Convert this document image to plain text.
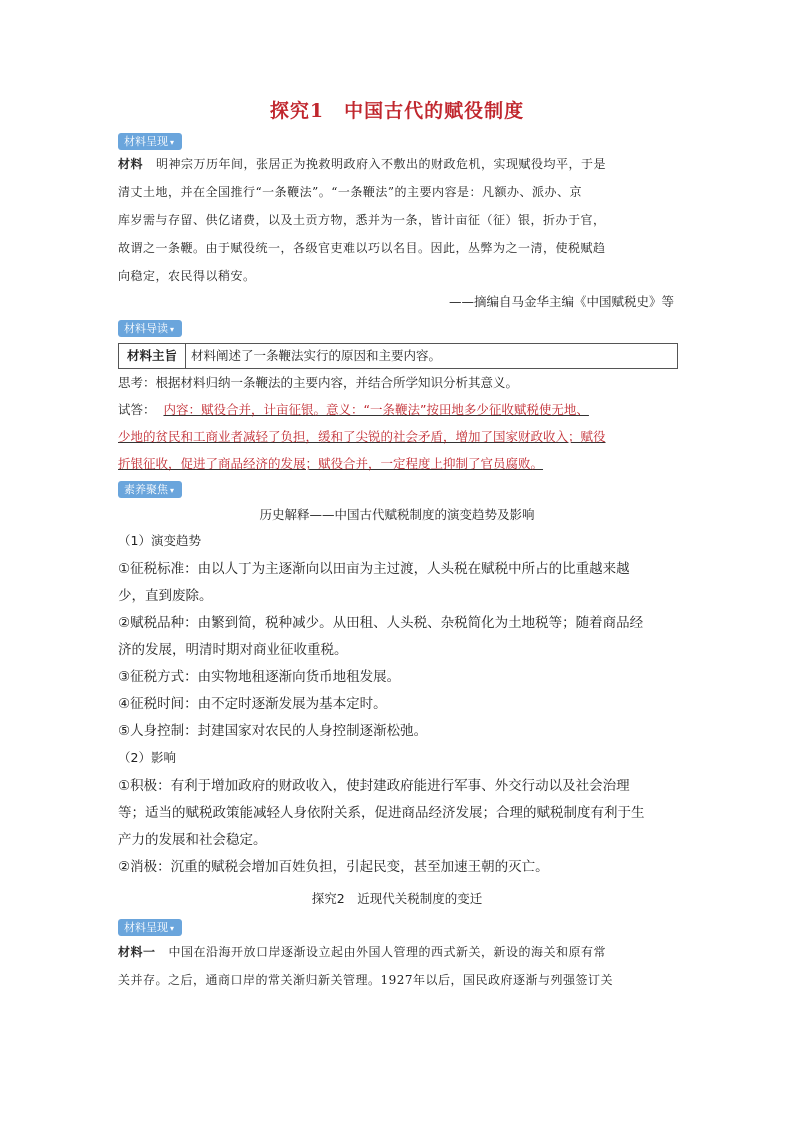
探究1　中国古代的赋役制度
材料呈现 ▾
材料 明神宗万历年间，张居正为挽救明政府入不敷出的财政危机，实现赋役均平，于是
清丈土地，并在全国推行“一条鞭法”。“一条鞭法”的主要内容是：凡额办、派办、京
库岁需与存留、供亿诸费，以及土贡方物，悉并为一条，皆计亩征（征）银，折办于官，
故谓之一条鞭。由于赋役统一，各级官吏难以巧以名目。因此，丛弊为之一清，使税赋趋
向稳定，农民得以稍安。
——摘编自马金华主编《中国赋税史》等
材料导读 ▾
材料主旨	材料阐述了一条鞭法实行的原因和主要内容。
思考：根据材料归纳一条鞭法的主要内容，并结合所学知识分析其意义。
试答： 内容：赋役合并，计亩征银。意义：“一条鞭法”按田地多少征收赋税使无地、
少地的贫民和工商业者减轻了负担，缓和了尖锐的社会矛盾，增加了国家财政收入；赋役
折银征收，促进了商品经济的发展；赋役合并，一定程度上抑制了官员腐败。
素养聚焦 ▾
历史解释——中国古代赋税制度的演变趋势及影响
（1）演变趋势
①征税标准：由以人丁为主逐渐向以田亩为主过渡，人头税在赋税中所占的比重越来越
少，直到废除。
②赋税品种：由繁到简，税种减少。从田租、人头税、杂税简化为土地税等；随着商品经
济的发展，明清时期对商业征收重税。
③征税方式：由实物地租逐渐向货币地租发展。
④征税时间：由不定时逐渐发展为基本定时。
⑤人身控制：封建国家对农民的人身控制逐渐松弛。
（2）影响
①积极：有利于增加政府的财政收入，使封建政府能进行军事、外交行动以及社会治理
等；适当的赋税政策能减轻人身依附关系，促进商品经济发展；合理的赋税制度有利于生
产力的发展和社会稳定。
②消极：沉重的赋税会增加百姓负担，引起民变，甚至加速王朝的灭亡。
探究2　近现代关税制度的变迁
材料呈现 ▾
材料一 中国在沿海开放口岸逐渐设立起由外国人管理的西式新关，新设的海关和原有常
关并存。之后，通商口岸的常关渐归新关管理。1927年以后，国民政府逐渐与列强签订关
